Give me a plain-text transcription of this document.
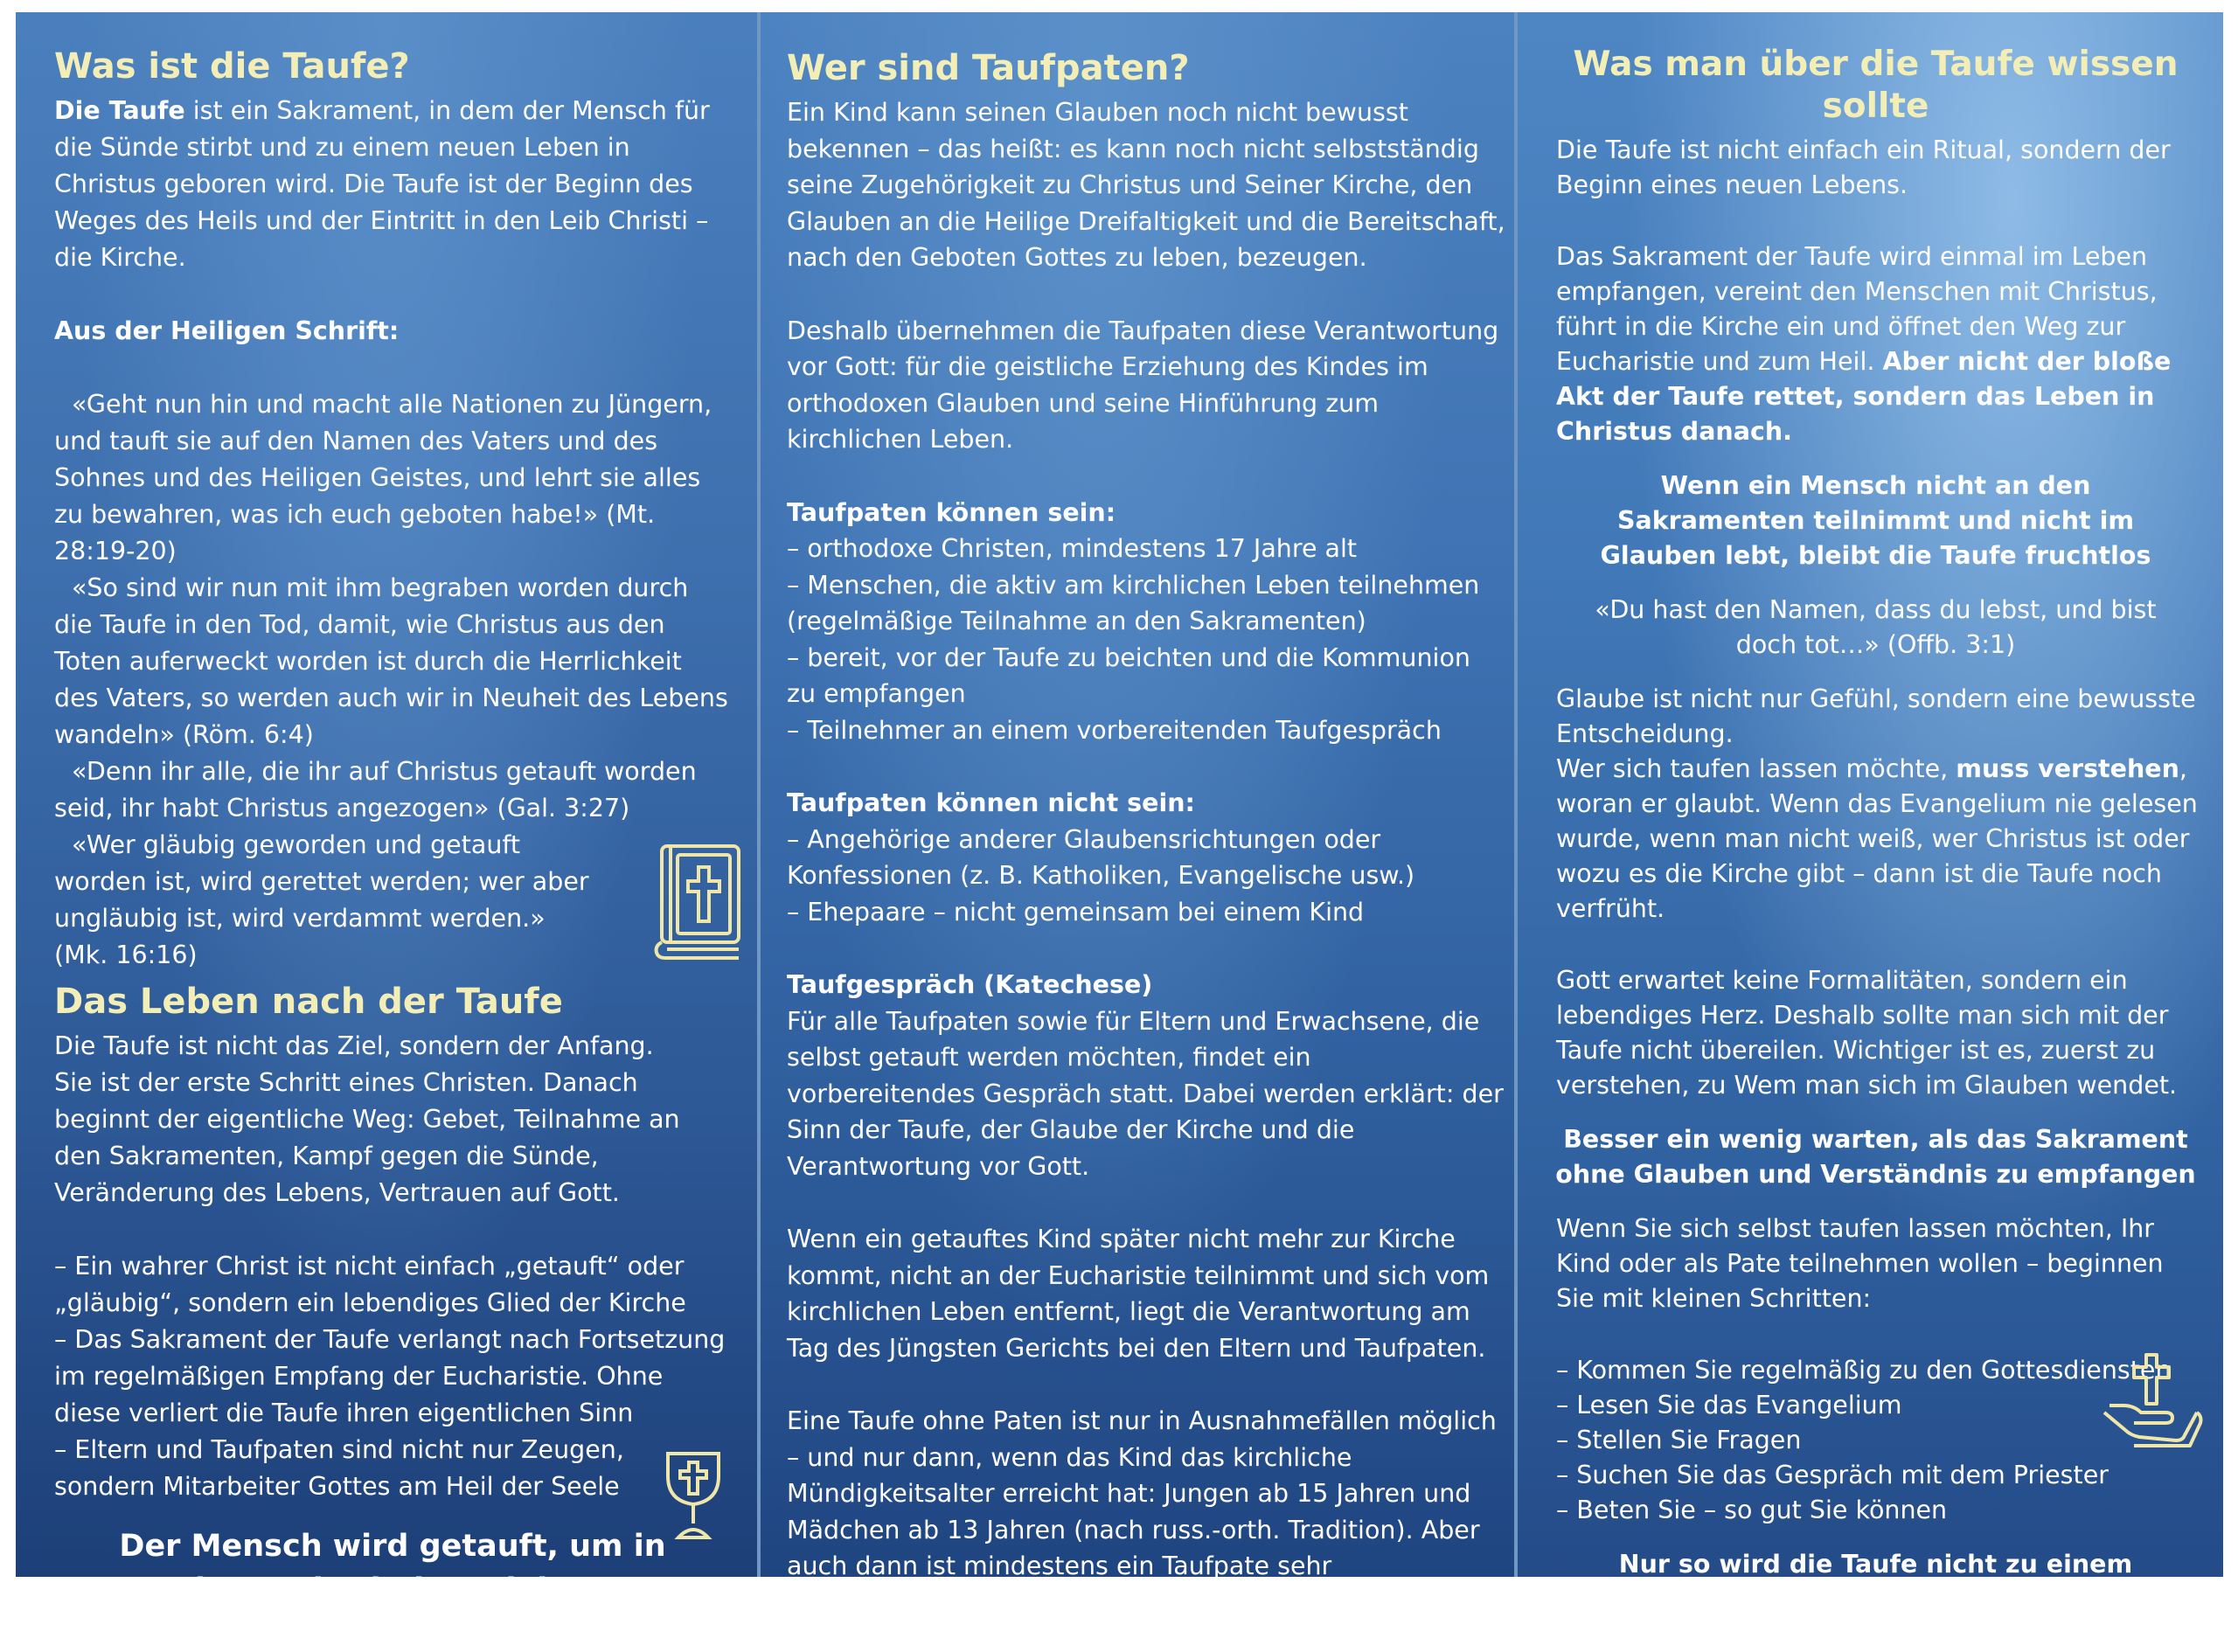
Was ist die Taufe?

Die Taufe ist ein Sakrament, in dem der Mensch für die Sünde stirbt und zu einem neuen Leben in Christus geboren wird. Die Taufe ist der Beginn des Weges des Heils und der Eintritt in den Leib Christi – die Kirche.

Aus der Heiligen Schrift:

«Geht nun hin und macht alle Nationen zu Jüngern, und tauft sie auf den Namen des Vaters und des Sohnes und des Heiligen Geistes, und lehrt sie alles zu bewahren, was ich euch geboten habe!» (Mt. 28:19-20)

«So sind wir nun mit ihm begraben worden durch die Taufe in den Tod, damit, wie Christus aus den Toten auferweckt worden ist durch die Herrlichkeit des Vaters, so werden auch wir in Neuheit des Lebens wandeln» (Röm. 6:4)

«Denn ihr alle, die ihr auf Christus getauft worden seid, ihr habt Christus angezogen» (Gal. 3:27)

«Wer gläubig geworden und getauft worden ist, wird gerettet werden; wer aber ungläubig ist, wird verdammt werden.» (Mk. 16:16)

Das Leben nach der Taufe

Die Taufe ist nicht das Ziel, sondern der Anfang.

Sie ist der erste Schritt eines Christen. Danach beginnt der eigentliche Weg: Gebet, Teilnahme an den Sakramenten, Kampf gegen die Sünde, Veränderung des Lebens, Vertrauen auf Gott.

– Ein wahrer Christ ist nicht einfach „getauft“ oder „gläubig“, sondern ein lebendiges Glied der Kirche

– Das Sakrament der Taufe verlangt nach Fortsetzung im regelmäßigen Empfang der Eucharistie. Ohne diese verliert die Taufe ihren eigentlichen Sinn

– Eltern und Taufpaten sind nicht nur Zeugen, sondern Mitarbeiter Gottes am Heil der Seele

Der Mensch wird getauft, um in der Eucharistie zu leben

Wer sind Taufpaten?

Ein Kind kann seinen Glauben noch nicht bewusst bekennen – das heißt: es kann noch nicht selbstständig seine Zugehörigkeit zu Christus und Seiner Kirche, den Glauben an die Heilige Dreifaltigkeit und die Bereitschaft, nach den Geboten Gottes zu leben, bezeugen.

Deshalb übernehmen die Taufpaten diese Verantwortung vor Gott: für die geistliche Erziehung des Kindes im orthodoxen Glauben und seine Hinführung zum kirchlichen Leben.

Taufpaten können sein:

– orthodoxe Christen, mindestens 17 Jahre alt

– Menschen, die aktiv am kirchlichen Leben teilnehmen (regelmäßige Teilnahme an den Sakramenten)

– bereit, vor der Taufe zu beichten und die Kommunion zu empfangen

– Teilnehmer an einem vorbereitenden Taufgespräch

Taufpaten können nicht sein:

– Angehörige anderer Glaubensrichtungen oder Konfessionen (z. B. Katholiken, Evangelische usw.)

– Ehepaare – nicht gemeinsam bei einem Kind

Taufgespräch (Katechese)

Für alle Taufpaten sowie für Eltern und Erwachsene, die selbst getauft werden möchten, findet ein vorbereitendes Gespräch statt. Dabei werden erklärt: der Sinn der Taufe, der Glaube der Kirche und die Verantwortung vor Gott.

Wenn ein getauftes Kind später nicht mehr zur Kirche kommt, nicht an der Eucharistie teilnimmt und sich vom kirchlichen Leben entfernt, liegt die Verantwortung am Tag des Jüngsten Gerichts bei den Eltern und Taufpaten.

Eine Taufe ohne Paten ist nur in Ausnahmefällen möglich – und nur dann, wenn das Kind das kirchliche Mündigkeitsalter erreicht hat: Jungen ab 15 Jahren und Mädchen ab 13 Jahren (nach russ.-orth. Tradition). Aber auch dann ist mindestens ein Taufpate sehr wünschenswert.

Was man über die Taufe wissen sollte

Die Taufe ist nicht einfach ein Ritual, sondern der Beginn eines neuen Lebens.

Das Sakrament der Taufe wird einmal im Leben empfangen, vereint den Menschen mit Christus, führt in die Kirche ein und öffnet den Weg zur Eucharistie und zum Heil. Aber nicht der bloße Akt der Taufe rettet, sondern das Leben in Christus danach.

Wenn ein Mensch nicht an den Sakramenten teilnimmt und nicht im Glauben lebt, bleibt die Taufe fruchtlos

«Du hast den Namen, dass du lebst, und bist doch tot…» (Offb. 3:1)

Glaube ist nicht nur Gefühl, sondern eine bewusste Entscheidung.

Wer sich taufen lassen möchte, muss verstehen, woran er glaubt. Wenn das Evangelium nie gelesen wurde, wenn man nicht weiß, wer Christus ist oder wozu es die Kirche gibt – dann ist die Taufe noch verfrüht.

Gott erwartet keine Formalitäten, sondern ein lebendiges Herz. Deshalb sollte man sich mit der Taufe nicht übereilen. Wichtiger ist es, zuerst zu verstehen, zu Wem man sich im Glauben wendet.

Besser ein wenig warten, als das Sakrament ohne Glauben und Verständnis zu empfangen

Wenn Sie sich selbst taufen lassen möchten, Ihr Kind oder als Pate teilnehmen wollen – beginnen Sie mit kleinen Schritten:

– Kommen Sie regelmäßig zu den Gottesdiensten

– Lesen Sie das Evangelium

– Stellen Sie Fragen

– Suchen Sie das Gespräch mit dem Priester

– Beten Sie – so gut Sie können

Nur so wird die Taufe nicht zu einem Ritual, sondern zur wahren Geburt von oben
